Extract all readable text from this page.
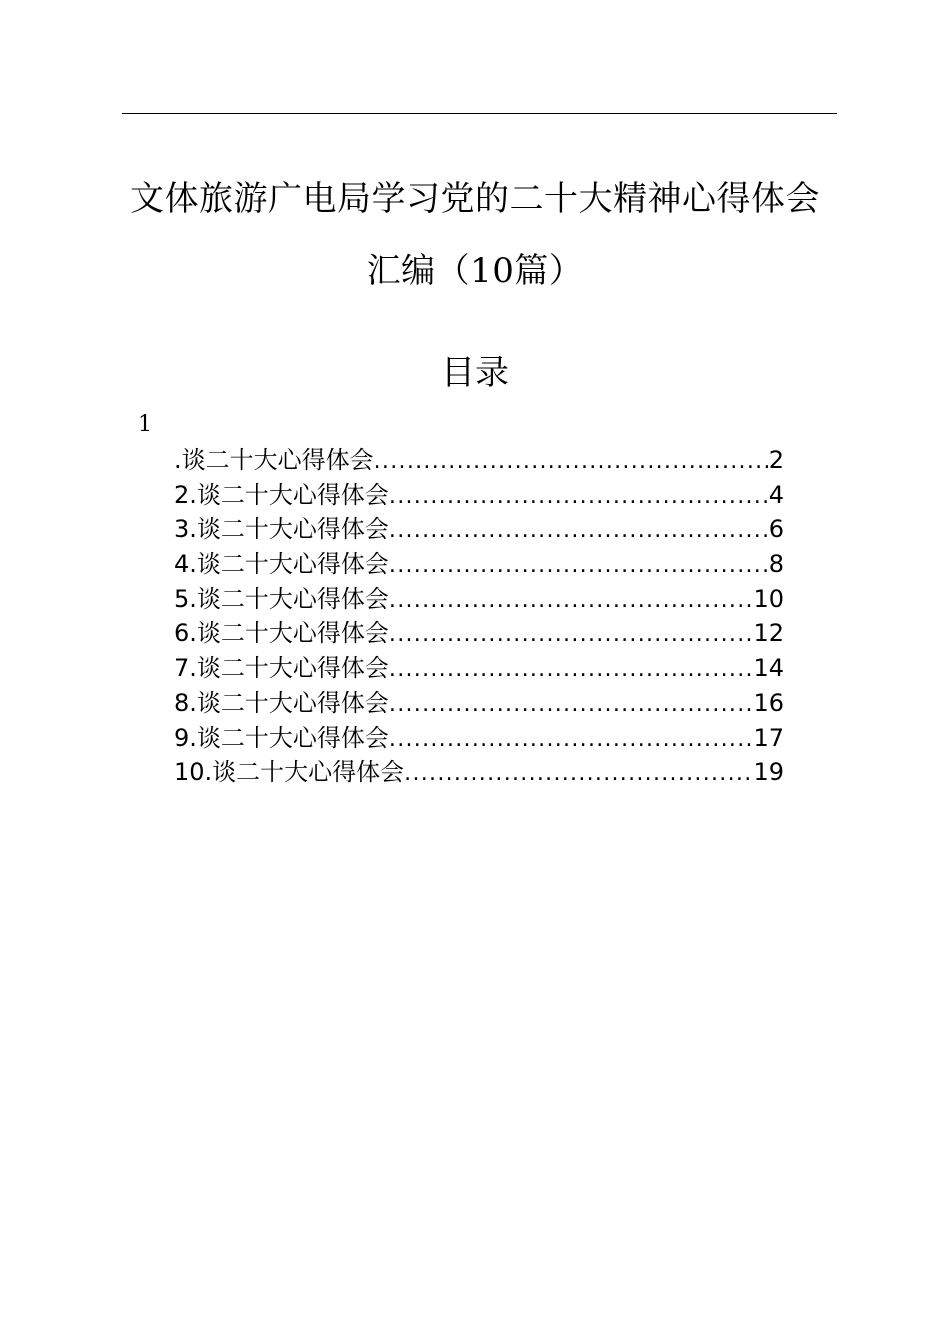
文体旅游广电局学习党的二十大精神心得体会
汇编（10篇）
目录
1
.谈二十大心得体会 .....	2
2.谈二十大心得体会 .....	4
3.谈二十大心得体会 .....	6
4.谈二十大心得体会 .....	8
5.谈二十大心得体会 .....	10
6.谈二十大心得体会 .....	12
7.谈二十大心得体会 .....	14
8.谈二十大心得体会 .....	16
9.谈二十大心得体会 .....	17
10.谈二十大心得体会 .....	19
